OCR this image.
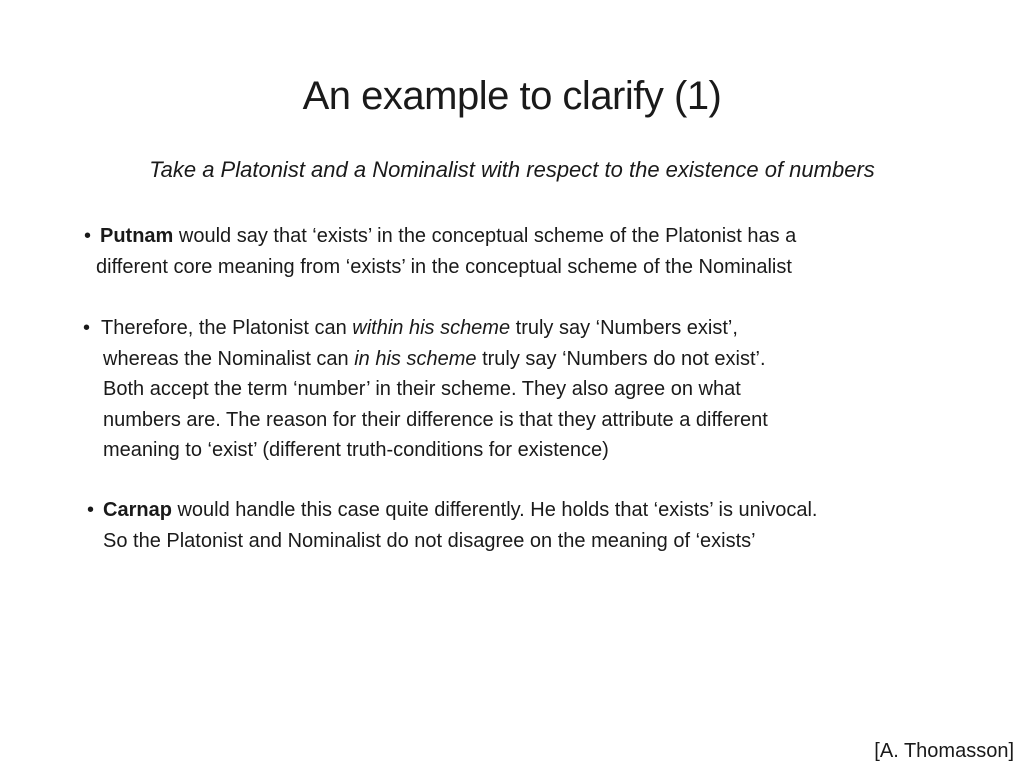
An example to clarify (1)

Take a Platonist and a Nominalist with respect to the existence of numbers

• Putnam would say that ‘exists’ in the conceptual scheme of the Platonist has a
different core meaning from ‘exists’ in the conceptual scheme of the Nominalist
• Therefore, the Platonist can within his scheme truly say ‘Numbers exist’,
whereas the Nominalist can in his scheme truly say ‘Numbers do not exist’.
Both accept the term ‘number’ in their scheme. They also agree on what
numbers are. The reason for their difference is that they attribute a different
meaning to ‘exist’ (different truth-conditions for existence)
• Carnap would handle this case quite differently. He holds that ‘exists’ is univocal.
So the Platonist and Nominalist do not disagree on the meaning of ‘exists’
[A. Thomasson]
